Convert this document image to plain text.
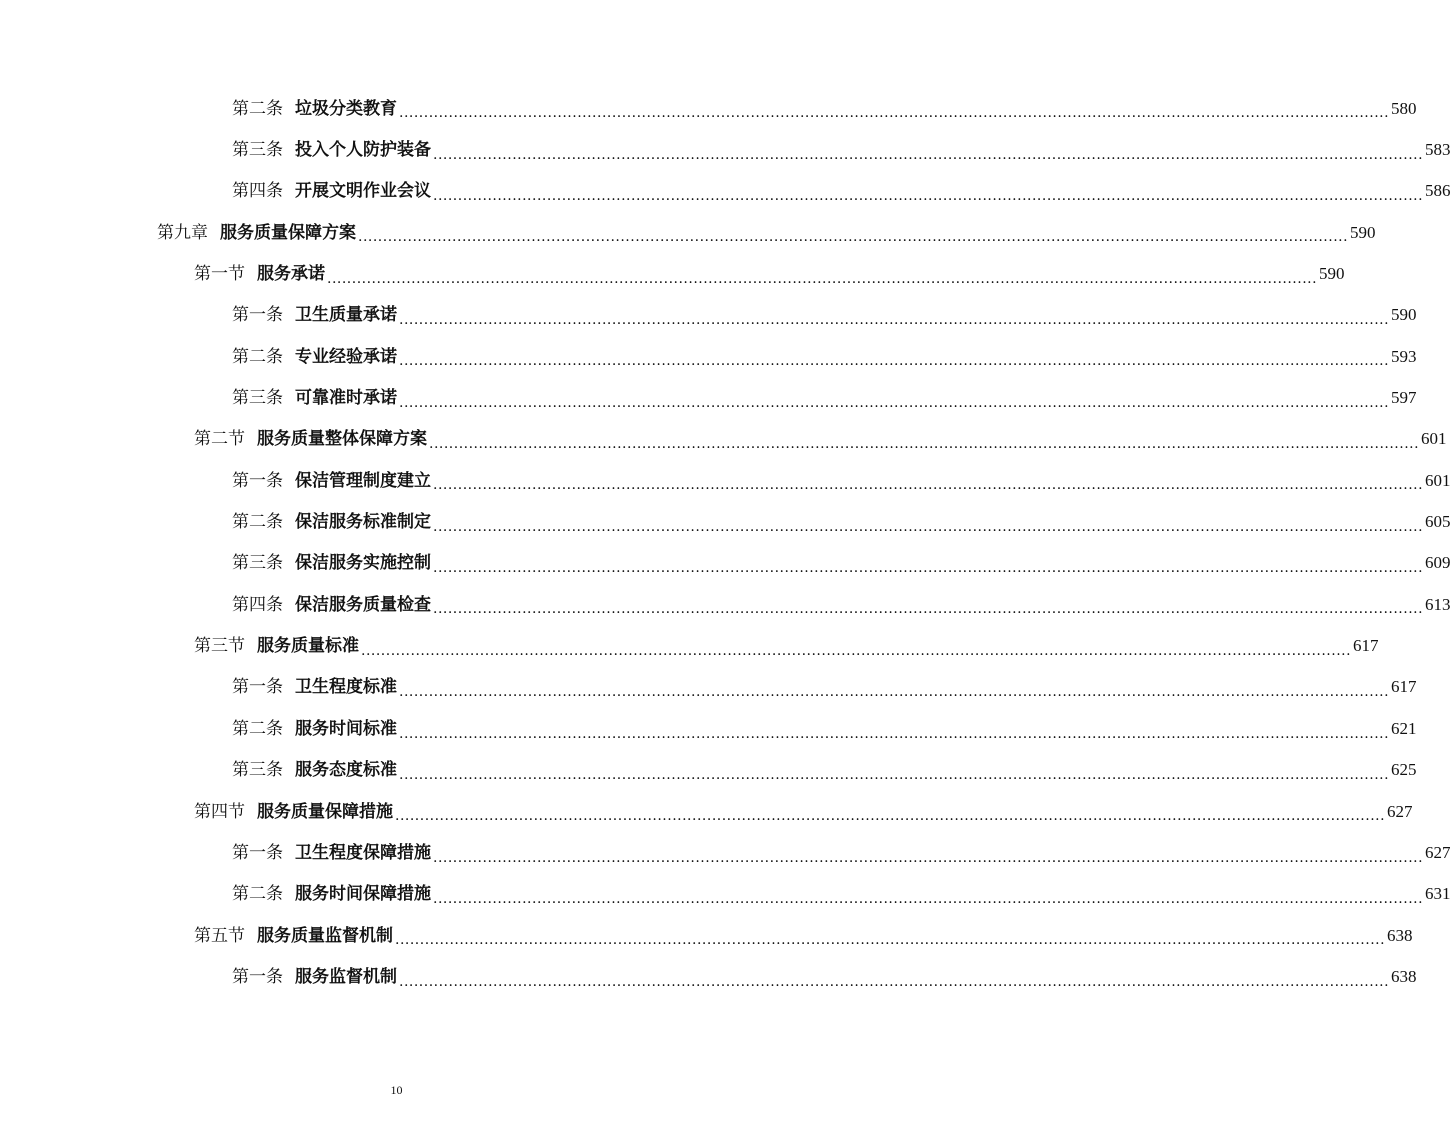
第二条 垃圾分类教育 ........................................................................................................................................................................................................ 580
第三条 投入个人防护装备 ........................................................................................................................................................................................................ 583
第四条 开展文明作业会议 ........................................................................................................................................................................................................ 586
第九章 服务质量保障方案 ........................................................................................................................................................................................................ 590
第一节 服务承诺 ........................................................................................................................................................................................................ 590
第一条 卫生质量承诺 ........................................................................................................................................................................................................ 590
第二条 专业经验承诺 ........................................................................................................................................................................................................ 593
第三条 可靠准时承诺 ........................................................................................................................................................................................................ 597
第二节 服务质量整体保障方案 ........................................................................................................................................................................................................ 601
第一条 保洁管理制度建立 ........................................................................................................................................................................................................ 601
第二条 保洁服务标准制定 ........................................................................................................................................................................................................ 605
第三条 保洁服务实施控制 ........................................................................................................................................................................................................ 609
第四条 保洁服务质量检查 ........................................................................................................................................................................................................ 613
第三节 服务质量标准 ........................................................................................................................................................................................................ 617
第一条 卫生程度标准 ........................................................................................................................................................................................................ 617
第二条 服务时间标准 ........................................................................................................................................................................................................ 621
第三条 服务态度标准 ........................................................................................................................................................................................................ 625
第四节 服务质量保障措施 ........................................................................................................................................................................................................ 627
第一条 卫生程度保障措施 ........................................................................................................................................................................................................ 627
第二条 服务时间保障措施 ........................................................................................................................................................................................................ 631
第五节 服务质量监督机制 ........................................................................................................................................................................................................ 638
第一条 服务监督机制 ........................................................................................................................................................................................................ 638
10
